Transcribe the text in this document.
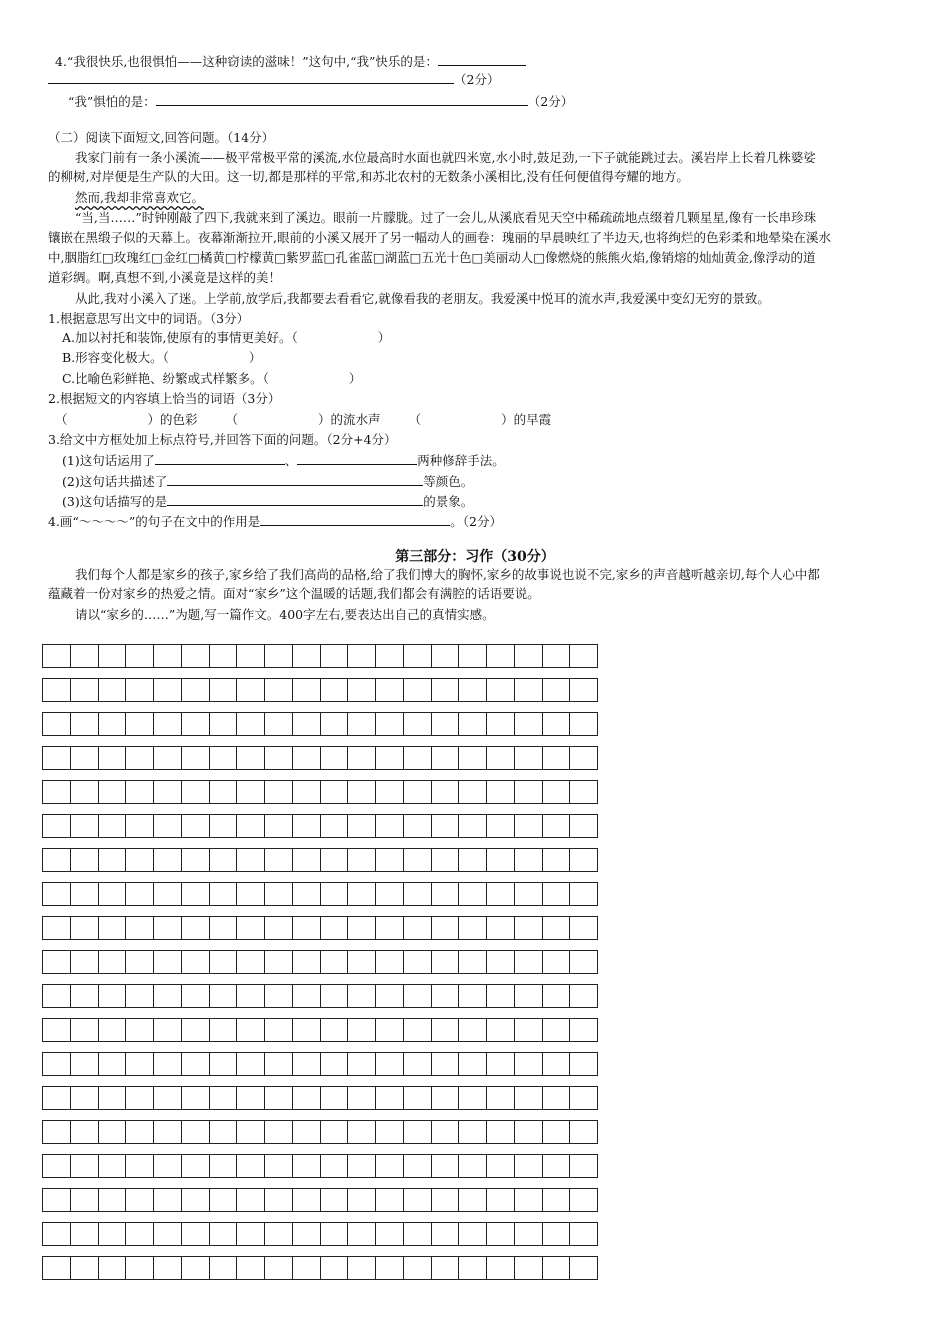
4.“我很快乐,也很惧怕——这种窃读的滋味！”这句中,“我”快乐的是：
（2分）
“我”惧怕的是：	（2分）
（二）阅读下面短文,回答问题。（14分）
我家门前有一条小溪流——极平常极平常的溪流,水位最高时水面也就四米宽,水小时,鼓足劲,一下子就能跳过去。溪岩岸上长着几株婆娑
的柳树,对岸便是生产队的大田。这一切,都是那样的平常,和苏北农村的无数条小溪相比,没有任何便值得夸耀的地方。
然而,我却非常喜欢它。
“当,当……”时钟刚敲了四下,我就来到了溪边。眼前一片朦胧。过了一会儿,从溪底看见天空中稀疏疏地点缀着几颗星星,像有一长串珍珠
镶嵌在黑缎子似的天幕上。夜幕渐渐拉开,眼前的小溪又展开了另一幅动人的画卷：瑰丽的早晨映红了半边天,也将绚烂的色彩柔和地晕染在溪水
中,胭脂红□玫瑰红□金红□橘黄□柠檬黄□紫罗蓝□孔雀蓝□湖蓝□五光十色□美丽动人□像燃烧的熊熊火焰,像销熔的灿灿黄金,像浮动的道
道彩绸。啊,真想不到,小溪竟是这样的美！
从此,我对小溪入了迷。上学前,放学后,我都要去看看它,就像看我的老朋友。我爱溪中悦耳的流水声,我爱溪中变幻无穷的景致。
1.根据意思写出文中的词语。（3分）
A.加以衬托和装饰,使原有的事情更美好。（	）
B.形容变化极大。（	）
C.比喻色彩鲜艳、纷繁或式样繁多。（	）
2.根据短文的内容填上恰当的词语（3分）
（	）的色彩 （	）的流水声 （	）的早霞
3.给文中方框处加上标点符号,并回答下面的问题。（2分+4分）
(1)这句话运用了	、	两种修辞手法。
(2)这句话共描述了	等颜色。
(3)这句话描写的是	的景象。
4.画“～～～～”的句子在文中的作用是	。（2分）
第三部分：习作（30分）
我们每个人都是家乡的孩子,家乡给了我们高尚的品格,给了我们博大的胸怀,家乡的故事说也说不完,家乡的声音越听越亲切,每个人心中都
蕴藏着一份对家乡的热爱之情。面对“家乡”这个温暖的话题,我们都会有满腔的话语要说。
请以“家乡的……”为题,写一篇作文。400字左右,要表达出自己的真情实感。
